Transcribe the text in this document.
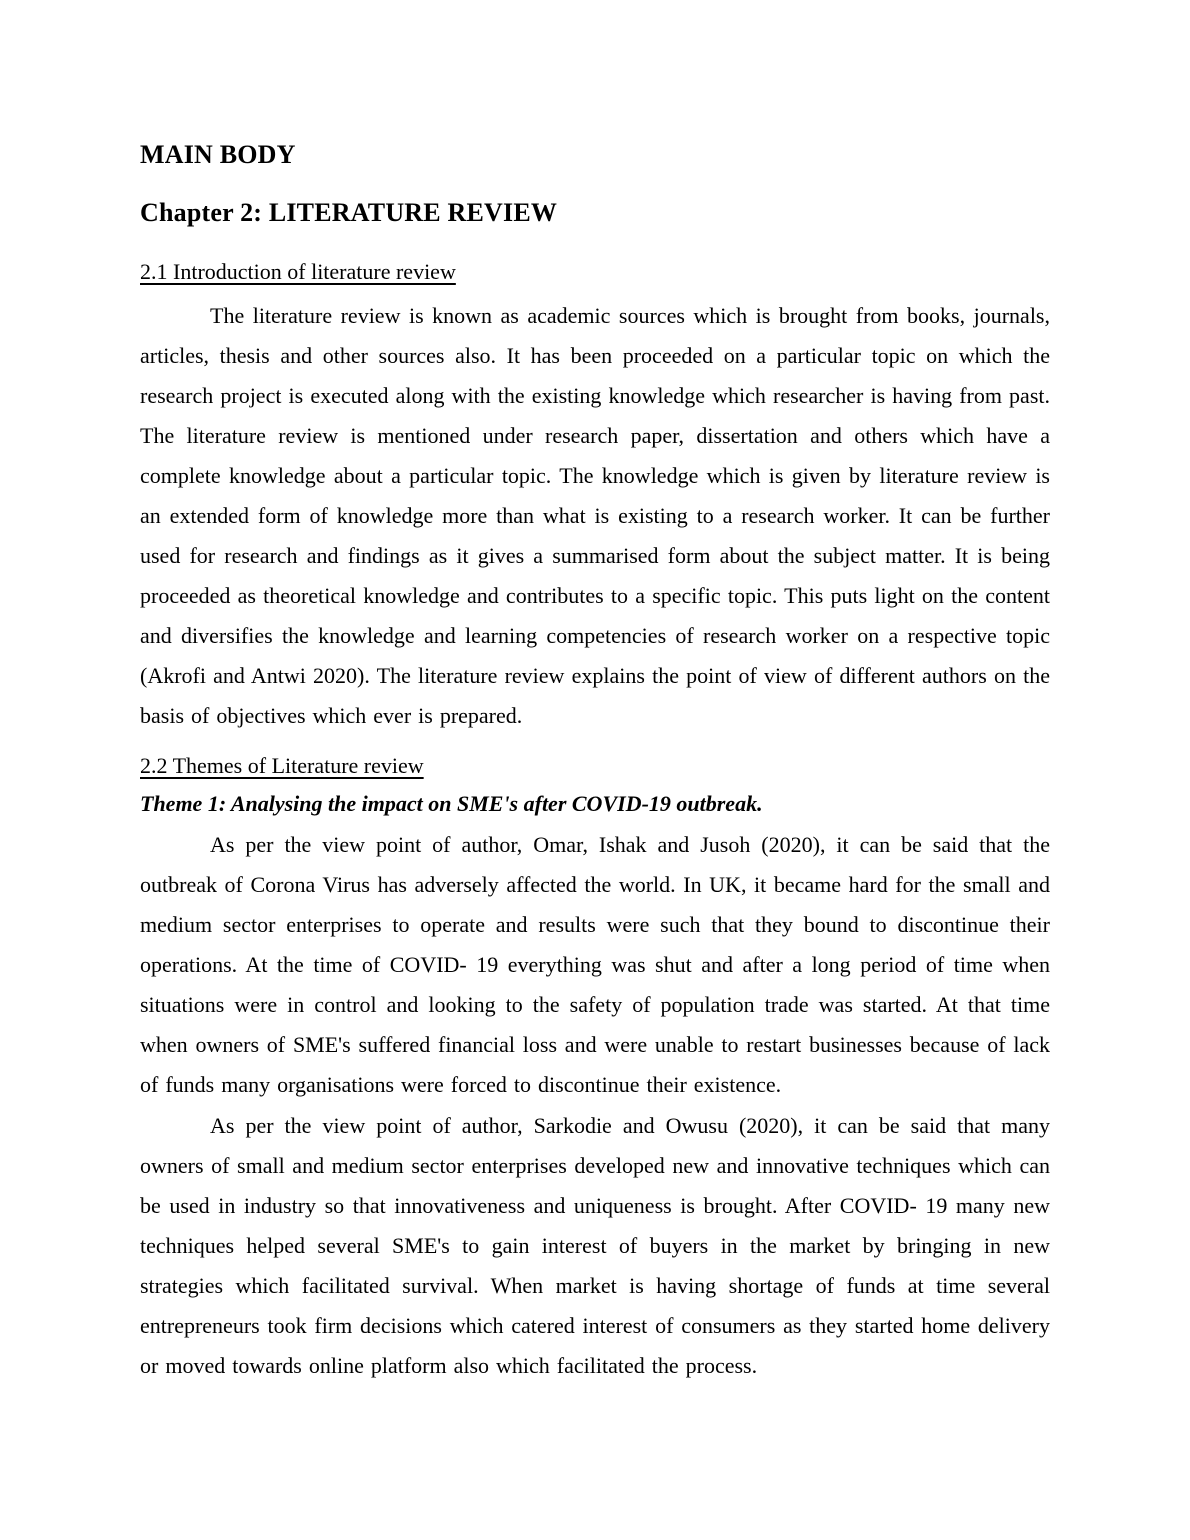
MAIN BODY
Chapter 2: LITERATURE REVIEW
2.1 Introduction of literature review

The literature review is known as academic sources which is brought from books, journals, articles, thesis and other sources also. It has been proceeded on a particular topic on which the research project is executed along with the existing knowledge which researcher is having from past. The literature review is mentioned under research paper, dissertation and others which have a complete knowledge about a particular topic. The knowledge which is given by literature review is an extended form of knowledge more than what is existing to a research worker. It can be further used for research and findings as it gives a summarised form about the subject matter. It is being proceeded as theoretical knowledge and contributes to a specific topic. This puts light on the content and diversifies the knowledge and learning competencies of research worker on a respective topic (Akrofi and Antwi 2020). The literature review explains the point of view of different authors on the basis of objectives which ever is prepared.

2.2 Themes of Literature review
Theme 1: Analysing the impact on SME's after COVID-19 outbreak.

As per the view point of author, Omar, Ishak and Jusoh (2020), it can be said that the outbreak of Corona Virus has adversely affected the world. In UK, it became hard for the small and medium sector enterprises to operate and results were such that they bound to discontinue their operations. At the time of COVID- 19 everything was shut and after a long period of time when situations were in control and looking to the safety of population trade was started. At that time when owners of SME's suffered financial loss and were unable to restart businesses because of lack of funds many organisations were forced to discontinue their existence.

As per the view point of author, Sarkodie and Owusu (2020), it can be said that many owners of small and medium sector enterprises developed new and innovative techniques which can be used in industry so that innovativeness and uniqueness is brought. After COVID- 19 many new techniques helped several SME's to gain interest of buyers in the market by bringing in new strategies which facilitated survival. When market is having shortage of funds at time several entrepreneurs took firm decisions which catered interest of consumers as they started home delivery or moved towards online platform also which facilitated the process.
